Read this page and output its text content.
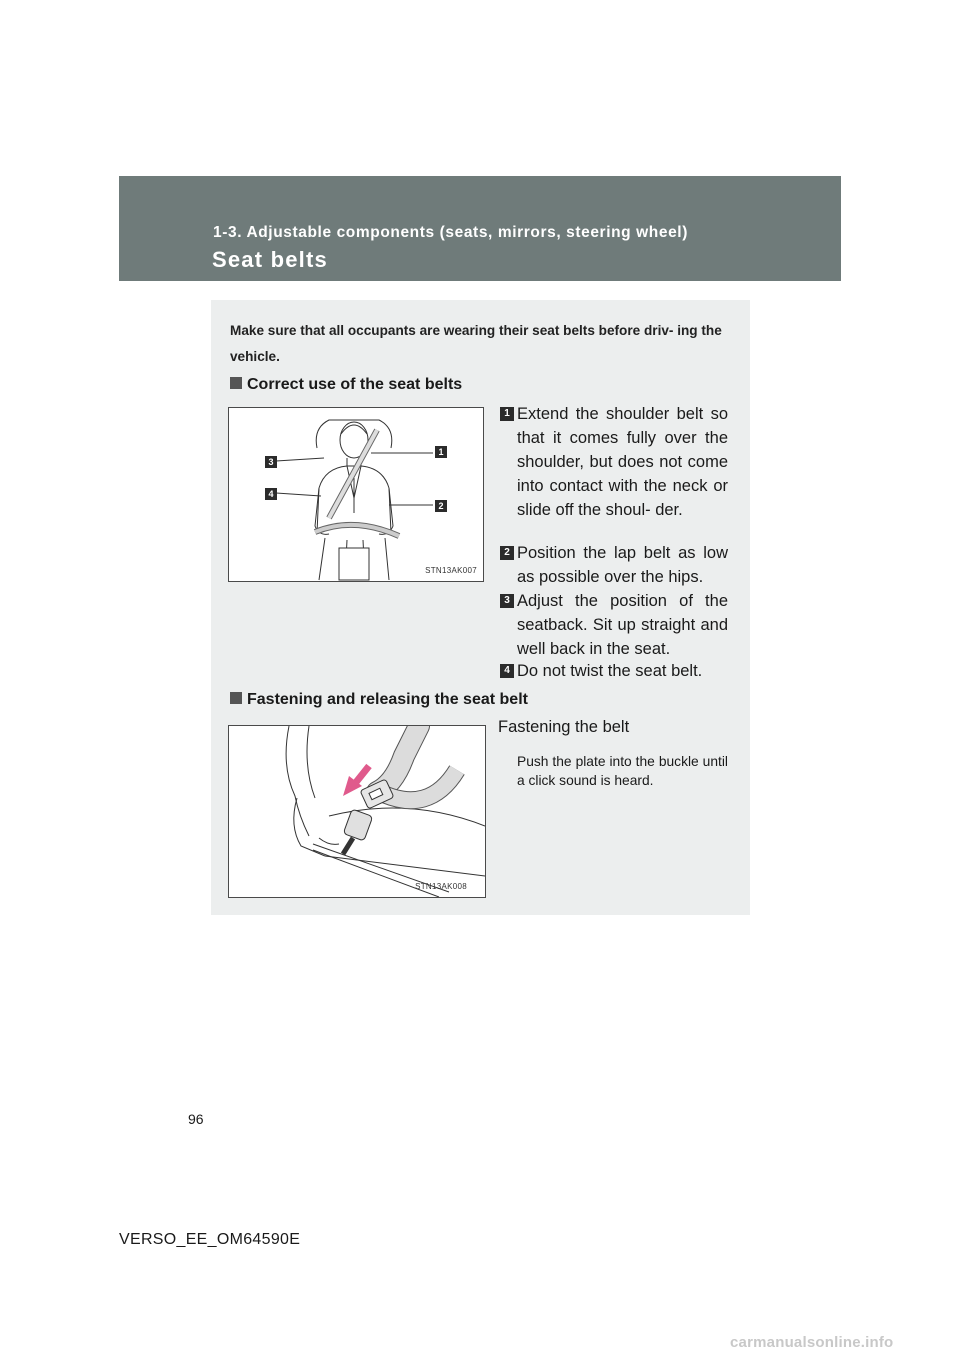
1-3. Adjustable components (seats, mirrors, steering wheel)
Seat belts
Make sure that all occupants are wearing their seat belts before driv- ing the vehicle.
Correct use of the seat belts
1
2
3
4
STN13AK007
1 Extend the shoulder belt so that it comes fully over the shoulder, but does not come into contact with the neck or slide off the shoul- der.
2 Position the lap belt as low as possible over the hips.
3 Adjust the position of the seatback. Sit up straight and well back in the seat.
4 Do not twist the seat belt.
Fastening and releasing the seat belt
STN13AK008
Fastening the belt
Push the plate into the buckle until a click sound is heard.
96
VERSO_EE_OM64590E
carmanualsonline.info
